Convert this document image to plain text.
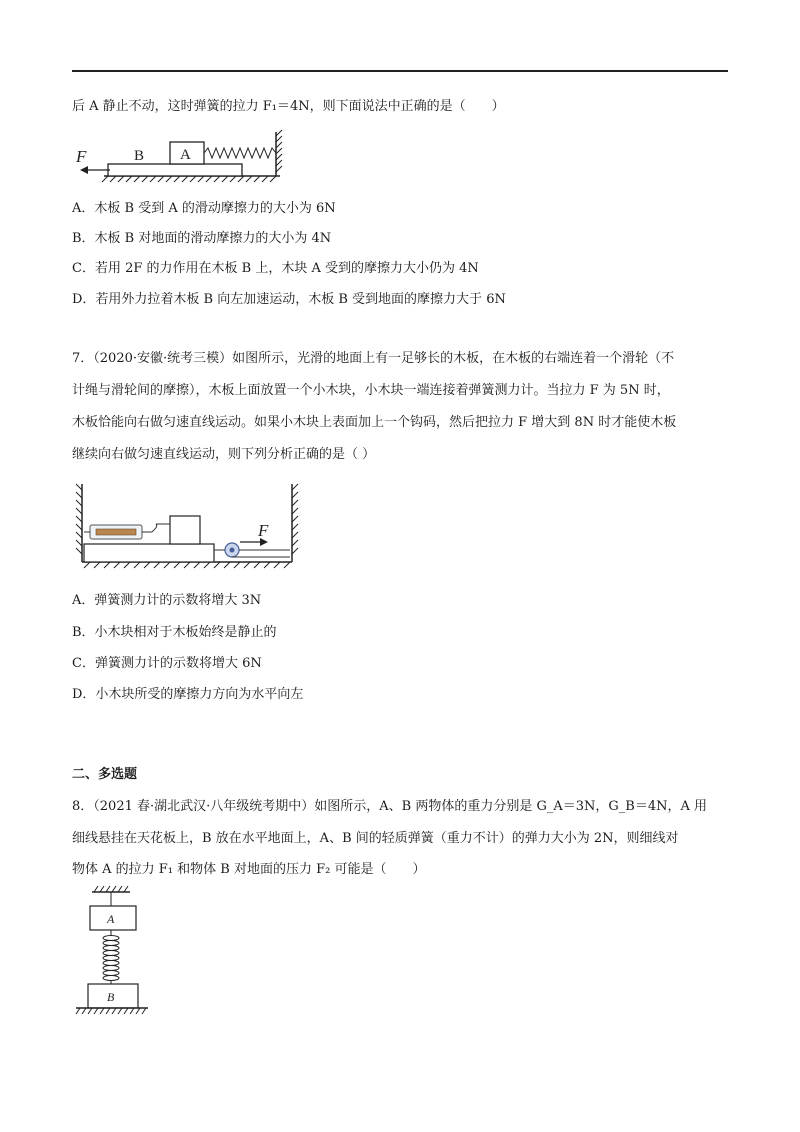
后 A 静止不动，这时弹簧的拉力 F₁＝4N，则下面说法中正确的是（　　）
B A
F
A．木板 B 受到 A 的滑动摩擦力的大小为 6N
B．木板 B 对地面的滑动摩擦力的大小为 4N
C．若用 2F 的力作用在木板 B 上，木块 A 受到的摩擦力大小仍为 4N
D．若用外力拉着木板 B 向左加速运动，木板 B 受到地面的摩擦力大于 6N
7．（2020·安徽·统考三模）如图所示，光滑的地面上有一足够长的木板，在木板的右端连着一个滑轮（不
计绳与滑轮间的摩擦），木板上面放置一个小木块，小木块一端连接着弹簧测力计。当拉力 F 为 5N 时，
木板恰能向右做匀速直线运动。如果小木块上表面加上一个钩码，然后把拉力 F 增大到 8N 时才能使木板
继续向右做匀速直线运动，则下列分析正确的是（ ）
F
A．弹簧测力计的示数将增大 3N
B．小木块相对于木板始终是静止的
C．弹簧测力计的示数将增大 6N
D．小木块所受的摩擦力方向为水平向左
二、多选题
8．（2021 春·湖北武汉·八年级统考期中）如图所示，A、B 两物体的重力分别是 G_A＝3N，G_B＝4N，A 用
细线悬挂在天花板上，B 放在水平地面上，A、B 间的轻质弹簧（重力不计）的弹力大小为 2N，则细线对
物体 A 的拉力 F₁ 和物体 B 对地面的压力 F₂ 可能是（　　）
A
B
